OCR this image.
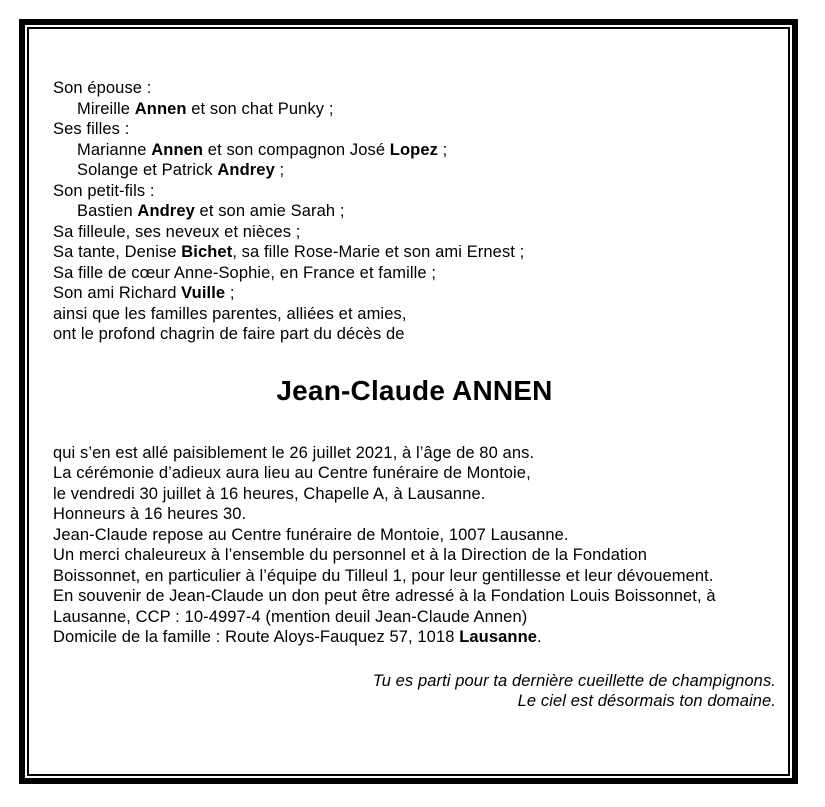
Son épouse :
Mireille Annen et son chat Punky ;
Ses filles :
Marianne Annen et son compagnon José Lopez ;
Solange et Patrick Andrey ;
Son petit-fils :
Bastien Andrey et son amie Sarah ;
Sa filleule, ses neveux et nièces ;
Sa tante, Denise Bichet, sa fille Rose-Marie et son ami Ernest ;
Sa fille de cœur Anne-Sophie, en France et famille ;
Son ami Richard Vuille ;
ainsi que les familles parentes, alliées et amies,
ont le profond chagrin de faire part du décès de
Jean-Claude ANNEN
qui s’en est allé paisiblement le 26 juillet 2021, à l’âge de 80 ans.
La cérémonie d’adieux aura lieu au Centre funéraire de Montoie,
le vendredi 30 juillet à 16 heures, Chapelle A, à Lausanne.
Honneurs à 16 heures 30.
Jean-Claude repose au Centre funéraire de Montoie, 1007 Lausanne.
Un merci chaleureux à l’ensemble du personnel et à la Direction de la Fondation
Boissonnet, en particulier à l’équipe du Tilleul 1, pour leur gentillesse et leur dévouement.
En souvenir de Jean-Claude un don peut être adressé à la Fondation Louis Boissonnet, à
Lausanne, CCP : 10-4997-4 (mention deuil Jean-Claude Annen)
Domicile de la famille : Route Aloys-Fauquez 57, 1018 Lausanne.
Tu es parti pour ta dernière cueillette de champignons.
Le ciel est désormais ton domaine.
